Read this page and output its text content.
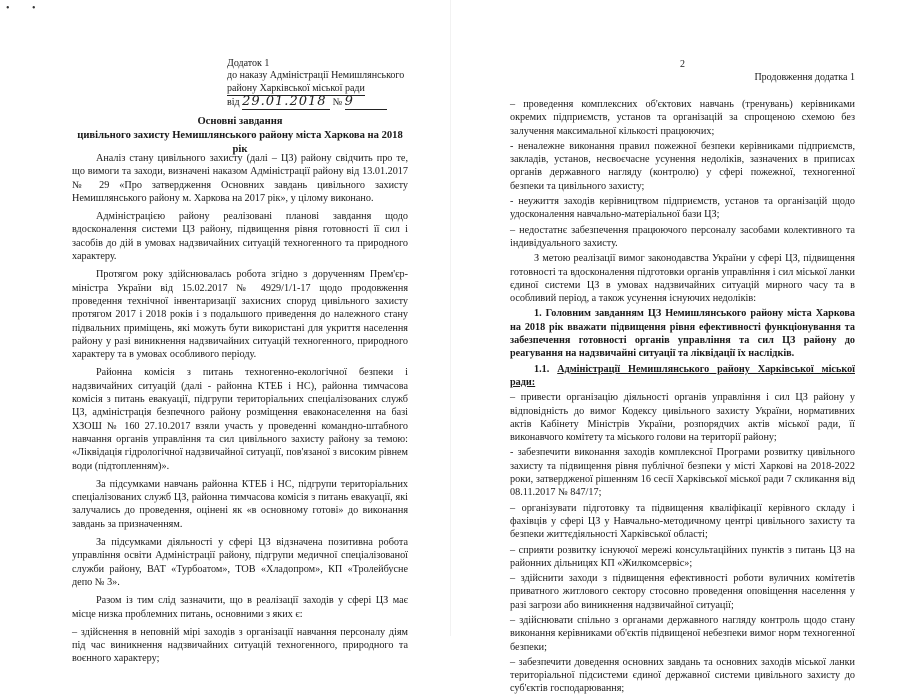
• •
Додаток 1
до наказу Адміністрації Немишлянського
району Харківської міської ради
від 29.01.2018 № 9
Основні завдання
цивільного захисту Немишлянського району міста Харкова на 2018 рік

Аналіз стану цивільного захисту (далі – ЦЗ) району свідчить про те, що вимоги та заходи, визначені наказом Адміністрації району від 13.01.2017 № 29 «Про затвердження Основних завдань цивільного захисту Немишлянського району м. Харкова на 2017 рік», у цілому виконано.

Адміністрацією району реалізовані планові завдання щодо вдосконалення системи ЦЗ району, підвищення рівня готовності її сил і засобів до дій в умовах надзвичайних ситуацій техногенного та природного характеру.

Протягом року здійснювалась робота згідно з дорученням Прем'єр-міністра України від 15.02.2017 № 4929/1/1-17 щодо продовження проведення технічної інвентаризації захисних споруд цивільного захисту протягом 2017 і 2018 років і з подальшого приведення до належного стану підвальних приміщень, які можуть бути використані для укриття населення району у разі виникнення надзвичайних ситуацій техногенного, природного характеру та в умовах особливого періоду.

Районна комісія з питань техногенно-екологічної безпеки і надзвичайних ситуацій (далі - районна КТЕБ і НС), районна тимчасова комісія з питань евакуації, підгрупи територіальних спеціалізованих служб ЦЗ, адміністрація безпечного району розміщення еваконаселення на базі ХЗОШ № 160 27.10.2017 взяли участь у проведенні командно-штабного навчання органів управління та сил цивільного захисту району за темою: «Ліквідація гідрологічної надзвичайної ситуації, пов'язаної з високим рівнем води (підтопленням)».

За підсумками навчань районна КТЕБ і НС, підгрупи територіальних спеціалізованих служб ЦЗ, районна тимчасова комісія з питань евакуації, які залучались до проведення, оцінені як «в основному готові» до виконання завдань за призначенням.

За підсумками діяльності у сфері ЦЗ відзначена позитивна робота управління освіти Адміністрації району, підгрупи медичної спеціалізованої служби району, ВАТ «Турбоатом», ТОВ «Хладопром», КП «Тролейбусне депо № 3».

Разом із тим слід зазначити, що в реалізації заходів у сфері ЦЗ має місце низка проблемних питань, основними з яких є:

– здійснення в неповній мірі заходів з організації навчання персоналу діям під час виникнення надзвичайних ситуацій техногенного, природного та воєнного характеру;

2
Продовження додатка 1

– проведення комплексних об'єктових навчань (тренувань) керівниками окремих підприємств, установ та організацій за спрощеною схемою без залучення максимальної кількості працюючих;

- неналежне виконання правил пожежної безпеки керівниками підприємств, закладів, установ, несвоєчасне усунення недоліків, зазначених в приписах органів державного нагляду (контролю) у сфері пожежної, техногенної безпеки та цивільного захисту;

- неужиття заходів керівництвом підприємств, установ та організацій щодо удосконалення навчально-матеріальної бази ЦЗ;

– недостатнє забезпечення працюючого персоналу засобами колективного та індивідуального захисту.

З метою реалізації вимог законодавства України у сфері ЦЗ, підвищення готовності та вдосконалення підготовки органів управління і сил міської ланки єдиної системи ЦЗ в умовах надзвичайних ситуацій мирного часу та в особливий період, а також усунення існуючих недоліків:

1. Головним завданням ЦЗ Немишлянського району міста Харкова на 2018 рік вважати підвищення рівня ефективності функціонування та забезпечення готовності органів управління та сил ЦЗ району до реагування на надзвичайні ситуації та ліквідації їх наслідків.

1.1. Адміністрації Немишлянського району Харківської міської ради:

– привести організацію діяльності органів управління і сил ЦЗ району у відповідність до вимог Кодексу цивільного захисту України, нормативних актів Кабінету Міністрів України, розпорядчих актів міської ради, її виконавчого комітету та міського голови на території району;

- забезпечити виконання заходів комплексної Програми розвитку цивільного захисту та підвищення рівня публічної безпеки у місті Харкові на 2018-2022 роки, затвердженої рішенням 16 сесії Харківської міської ради 7 скликання від 08.11.2017 № 847/17;

– організувати підготовку та підвищення кваліфікації керівного складу і фахівців у сфері ЦЗ у Навчально-методичному центрі цивільного захисту та безпеки життєдіяльності Харківської області;

– сприяти розвитку існуючої мережі консультаційних пунктів з питань ЦЗ на районних дільницях КП «Жилкомсервіс»;

– здійснити заходи з підвищення ефективності роботи вуличних комітетів приватного житлового сектору стосовно проведення оповіщення населення у разі загрози або виникнення надзвичайної ситуації;

– здійснювати спільно з органами державного нагляду контроль щодо стану виконання керівниками об'єктів підвищеної небезпеки вимог норм техногенної безпеки;

– забезпечити доведення основних завдань та основних заходів міської ланки територіальної підсистеми єдиної державної системи цивільного захисту до суб'єктів господарювання;
